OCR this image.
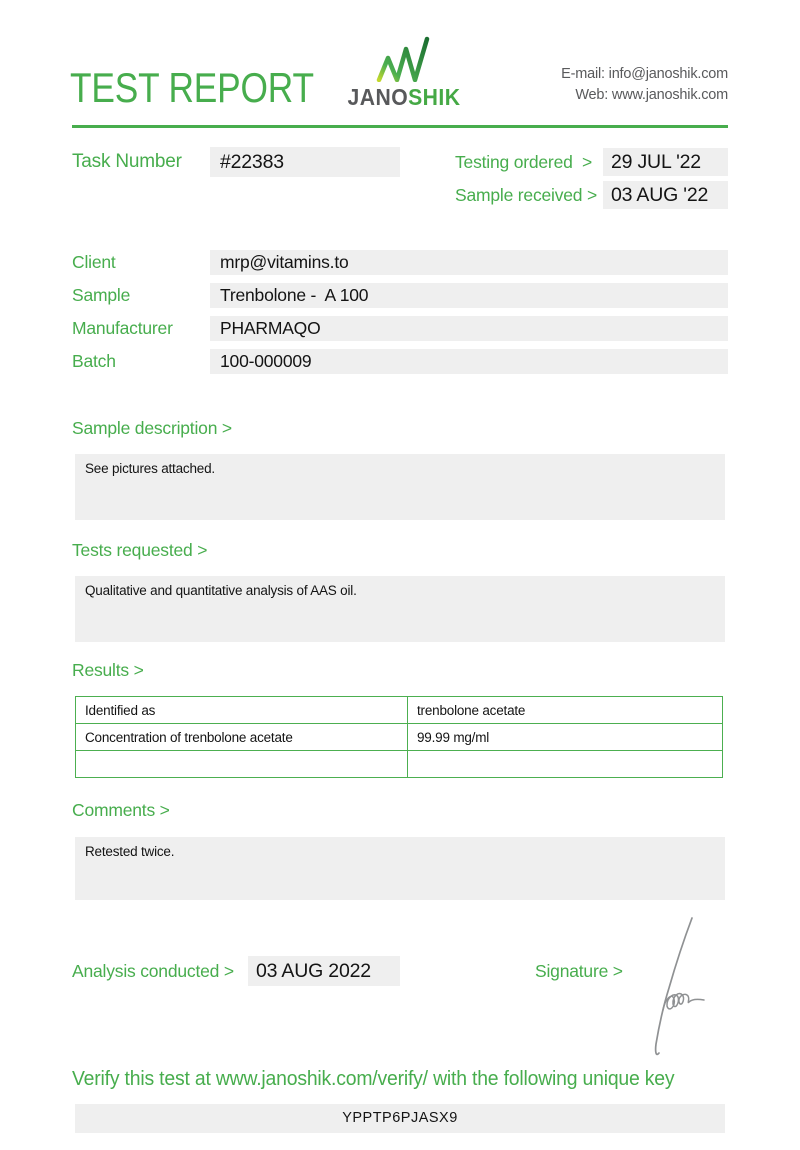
TEST REPORT JANOSHIK
E-mail: info@janoshik.com
Web: www.janoshik.com
Task Number	#22383	Testing ordered  > 29 JUL '22
Sample received > 03 AUG '22
Client	mrp@vitamins.to
Sample	Trenbolone -  A 100
Manufacturer	PHARMAQO
Batch	100-000009
Sample description >
See pictures attached.
Tests requested >
Qualitative and quantitative analysis of AAS oil.
Results >
Identified as	trenbolone acetate
Concentration of trenbolone acetate	99.99 mg/ml

Comments >
Retested twice.
Analysis conducted >	03 AUG 2022	Signature >
Verify this test at www.janoshik.com/verify/ with the following unique key
YPPTP6PJASX9
